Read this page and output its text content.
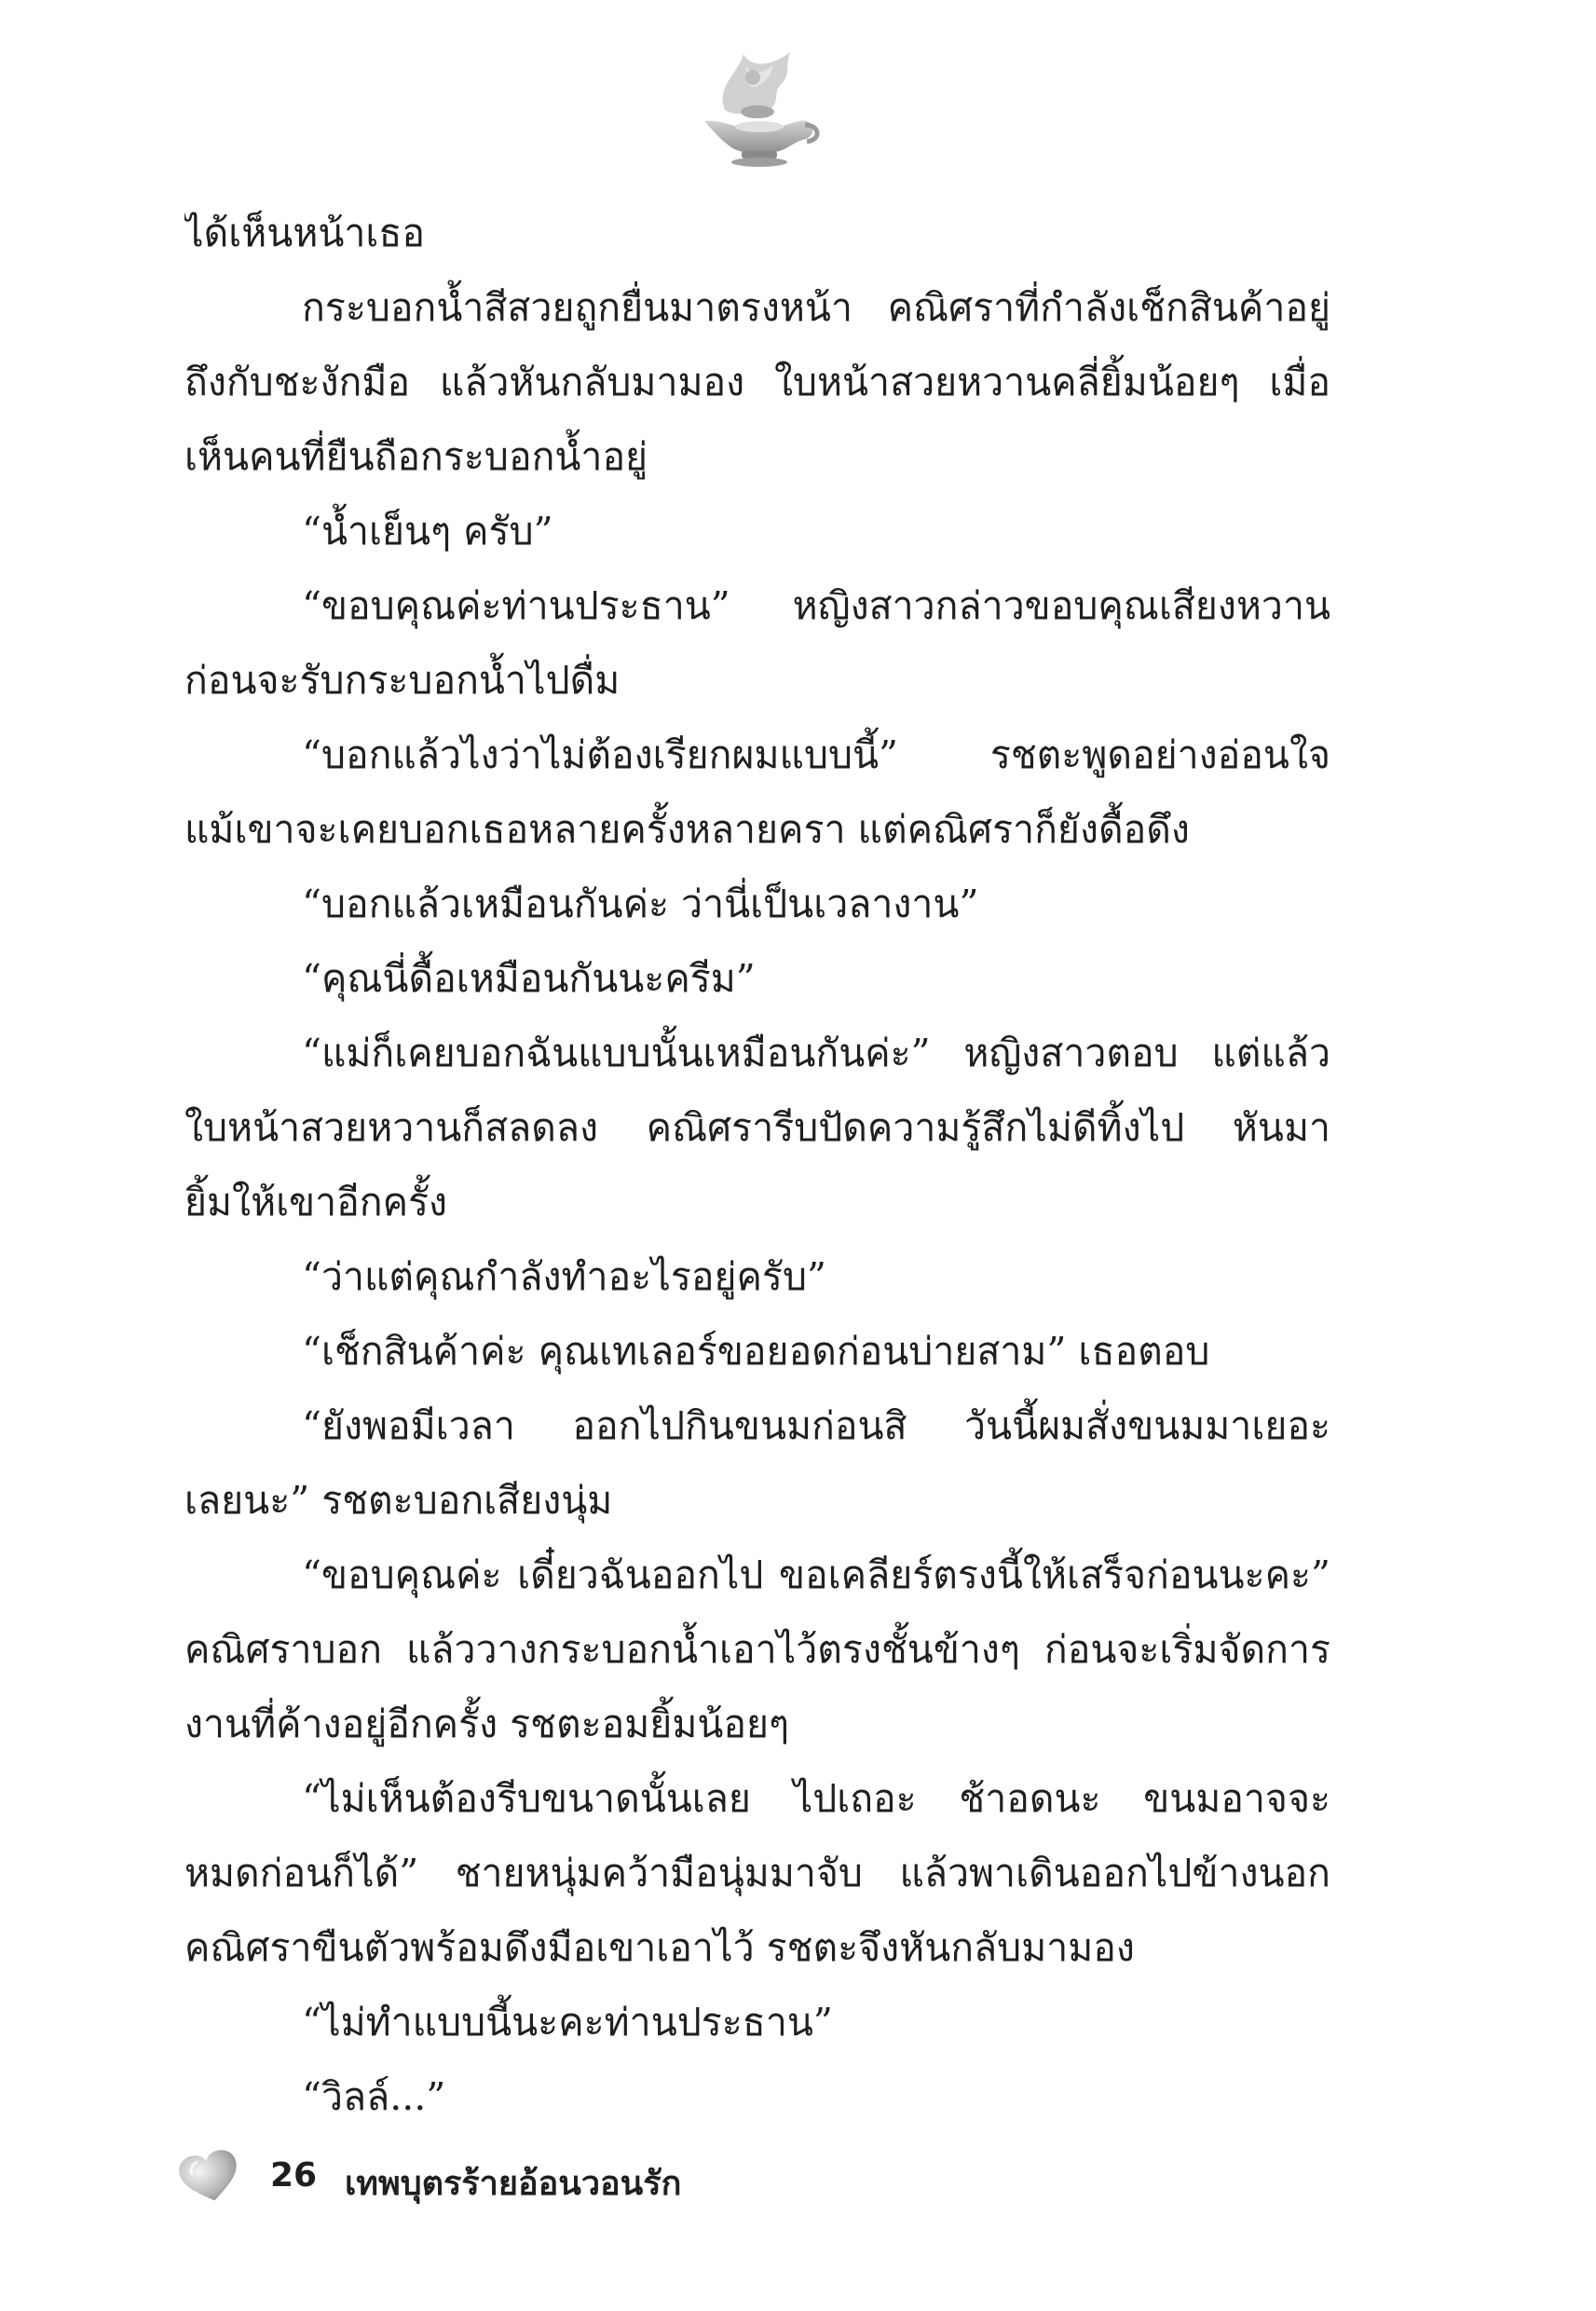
ได้เห็นหน้าเธอ

กระบอกน้ำสีสวยถูกยื่นมาตรงหน้า คณิศราที่กำลังเช็กสินค้าอยู่

ถึงกับชะงักมือ แล้วหันกลับมามอง ใบหน้าสวยหวานคลี่ยิ้มน้อยๆ เมื่อ

เห็นคนที่ยืนถือกระบอกน้ำอยู่

“น้ำเย็นๆ ครับ”

“ขอบคุณค่ะท่านประธาน” หญิงสาวกล่าวขอบคุณเสียงหวาน

ก่อนจะรับกระบอกน้ำไปดื่ม

“บอกแล้วไงว่าไม่ต้องเรียกผมแบบนี้” รชตะพูดอย่างอ่อนใจ

แม้เขาจะเคยบอกเธอหลายครั้งหลายครา แต่คณิศราก็ยังดื้อดึง

“บอกแล้วเหมือนกันค่ะ ว่านี่เป็นเวลางาน”

“คุณนี่ดื้อเหมือนกันนะครีม”

“แม่ก็เคยบอกฉันแบบนั้นเหมือนกันค่ะ” หญิงสาวตอบ แต่แล้ว

ใบหน้าสวยหวานก็สลดลง คณิศรารีบปัดความรู้สึกไม่ดีทิ้งไป หันมา

ยิ้มให้เขาอีกครั้ง

“ว่าแต่คุณกำลังทำอะไรอยู่ครับ”

“เช็กสินค้าค่ะ คุณเทเลอร์ขอยอดก่อนบ่ายสาม” เธอตอบ

“ยังพอมีเวลา ออกไปกินขนมก่อนสิ วันนี้ผมสั่งขนมมาเยอะ

เลยนะ” รชตะบอกเสียงนุ่ม

“ขอบคุณค่ะ เดี๋ยวฉันออกไป ขอเคลียร์ตรงนี้ให้เสร็จก่อนนะคะ”

คณิศราบอก แล้ววางกระบอกน้ำเอาไว้ตรงชั้นข้างๆ ก่อนจะเริ่มจัดการ

งานที่ค้างอยู่อีกครั้ง รชตะอมยิ้มน้อยๆ

“ไม่เห็นต้องรีบขนาดนั้นเลย ไปเถอะ ช้าอดนะ ขนมอาจจะ

หมดก่อนก็ได้” ชายหนุ่มคว้ามือนุ่มมาจับ แล้วพาเดินออกไปข้างนอก

คณิศราขืนตัวพร้อมดึงมือเขาเอาไว้ รชตะจึงหันกลับมามอง

“ไม่ทำแบบนี้นะคะท่านประธาน”

“วิลล์...”

26 เทพบุตรร้ายอ้อนวอนรัก
